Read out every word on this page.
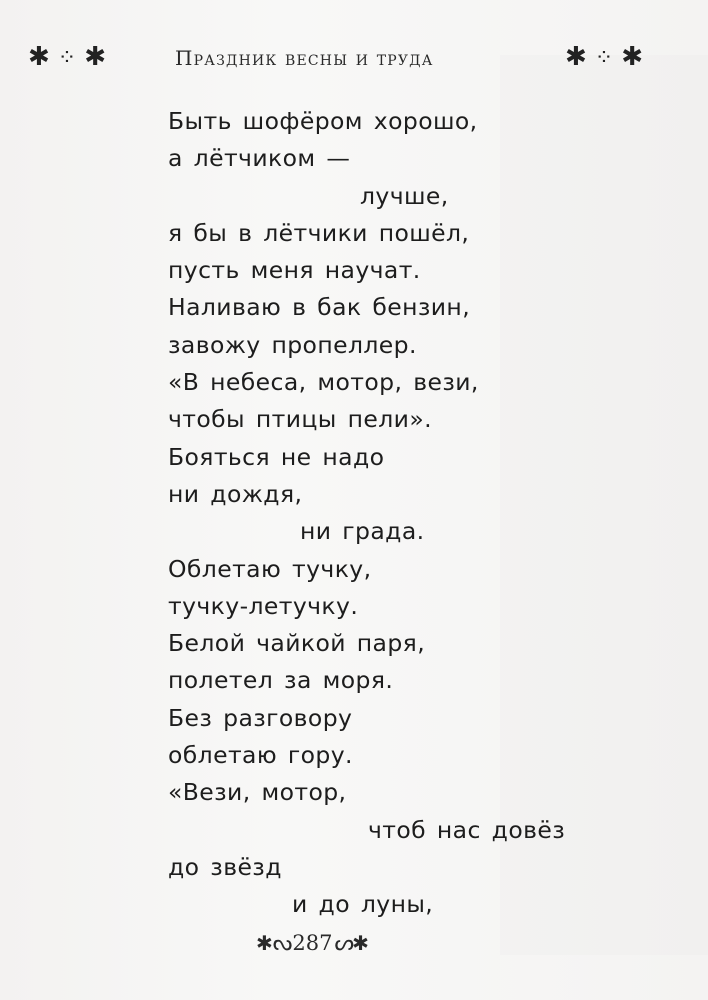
✱ ⁘ ✱	Праздник весны и труда	✱ ⁘ ✱
Быть шофёром хорошо,
а лётчиком —
лучше,
я бы в лётчики пошёл,
пусть меня научат.
Наливаю в бак бензин,
завожу пропеллер.
«В небеса, мотор, вези,
чтобы птицы пели».
Бояться не надо
ни дождя,
ни града.
Облетаю тучку,
тучку-летучку.
Белой чайкой паря,
полетел за моря.
Без разговору
облетаю гору.
«Вези, мотор,
чтоб нас довёз
до звёзд
и до луны,
✱ᔓ287ᔕ✱
